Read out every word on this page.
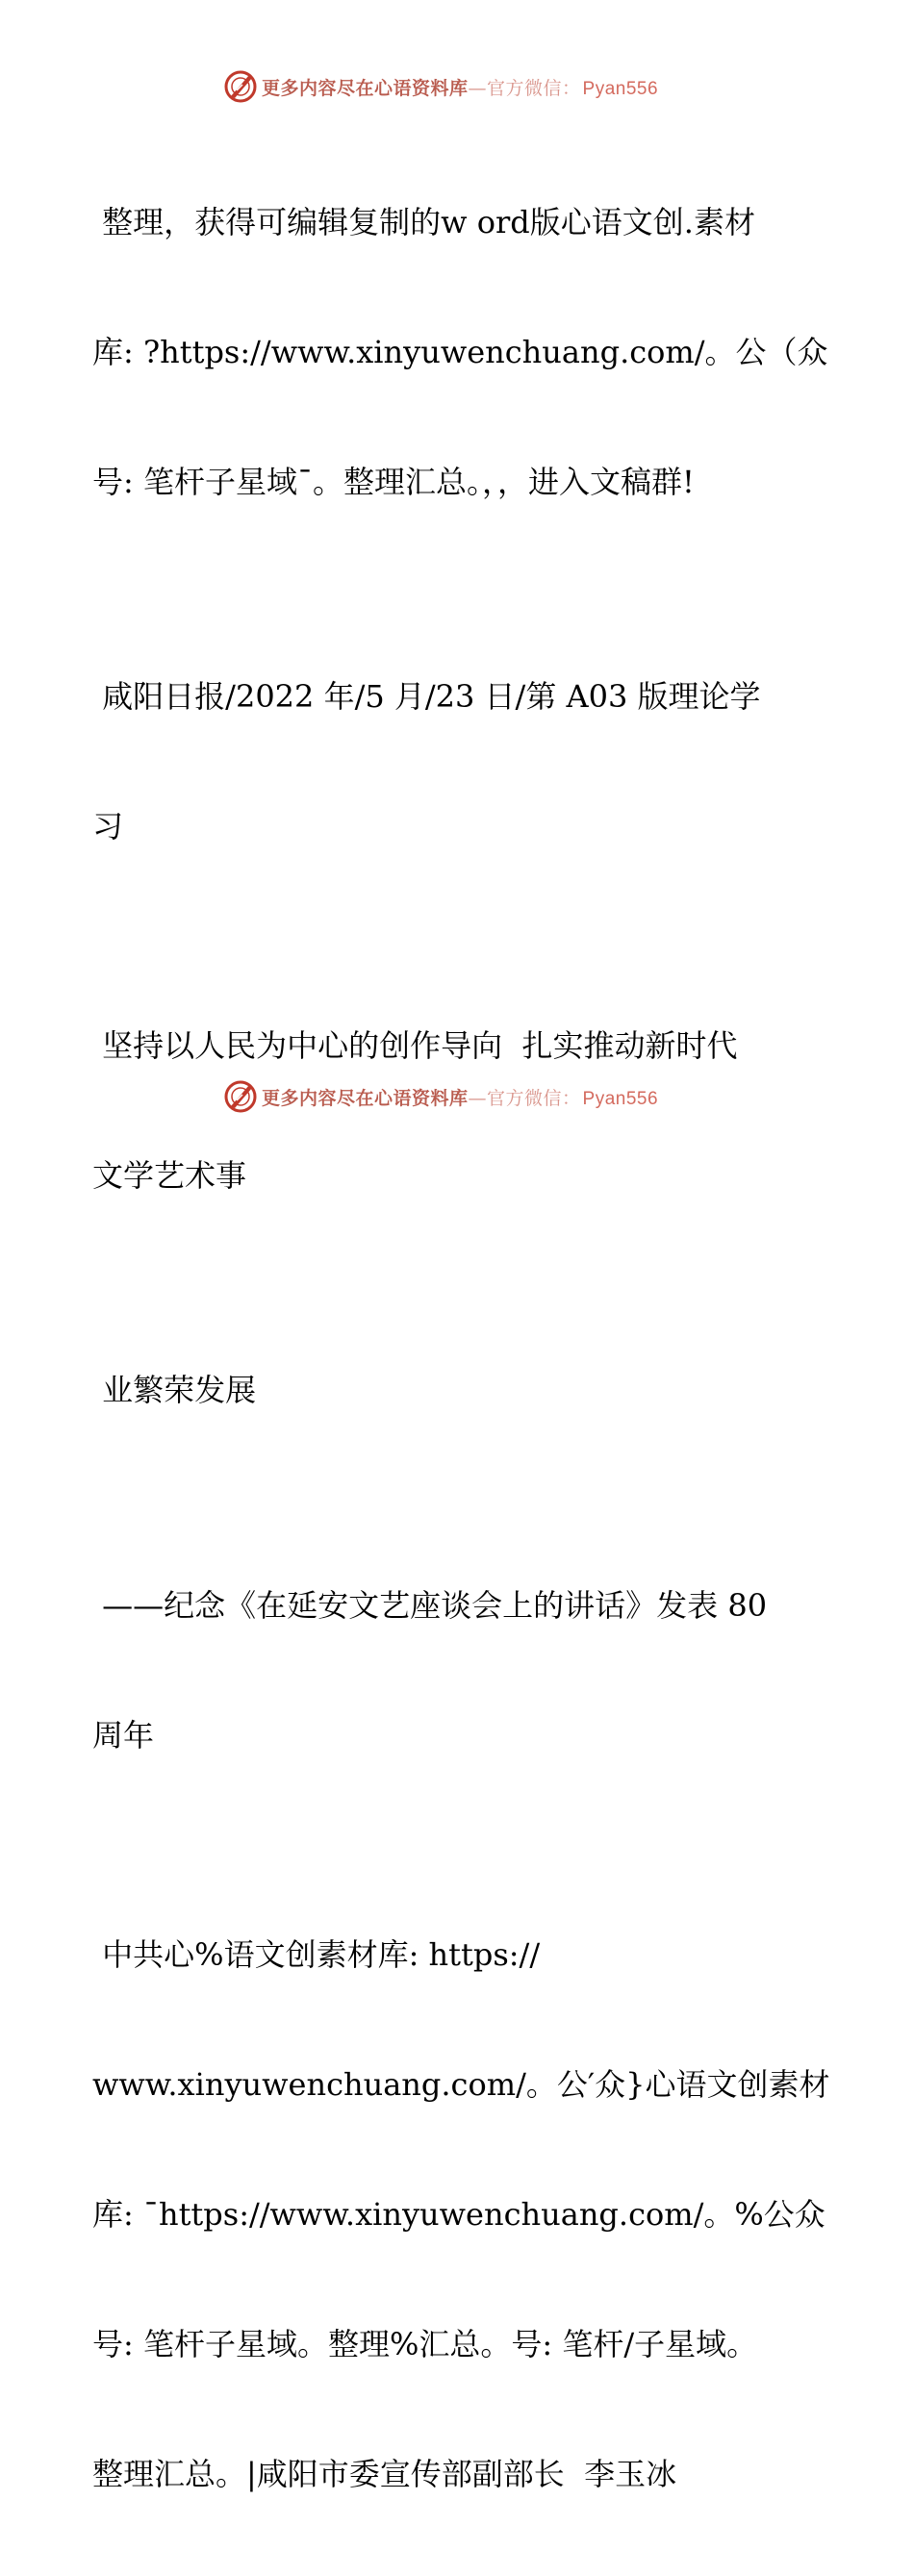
更多内容尽在心语资料库—官方微信： Pyan556

整理，获得可编辑复制的w ord版心语文创.素材

库: ?https://www.xinyuwenchuang.com/。公（众

号: 笔杆子星域¯。整理汇总。，，进入文稿群!

咸阳日报/2022 年/5 月/23 日/第 A03 版理论学

习

坚持以人民为中心的创作导向  扎实推动新时代

文学艺术事

业繁荣发展

——纪念《在延安文艺座谈会上的讲话》发表 80

周年

中共心%语文创素材库: https://

www.xinyuwenchuang.com/。公′众}心语文创素材

库: ¯https://www.xinyuwenchuang.com/。%公众

号: 笔杆子星域。整理%汇总。号: 笔杆/子星域。

整理汇总。|咸阳市委宣传部副部长  李玉冰

更多内容尽在心语资料库—官方微信： Pyan556
